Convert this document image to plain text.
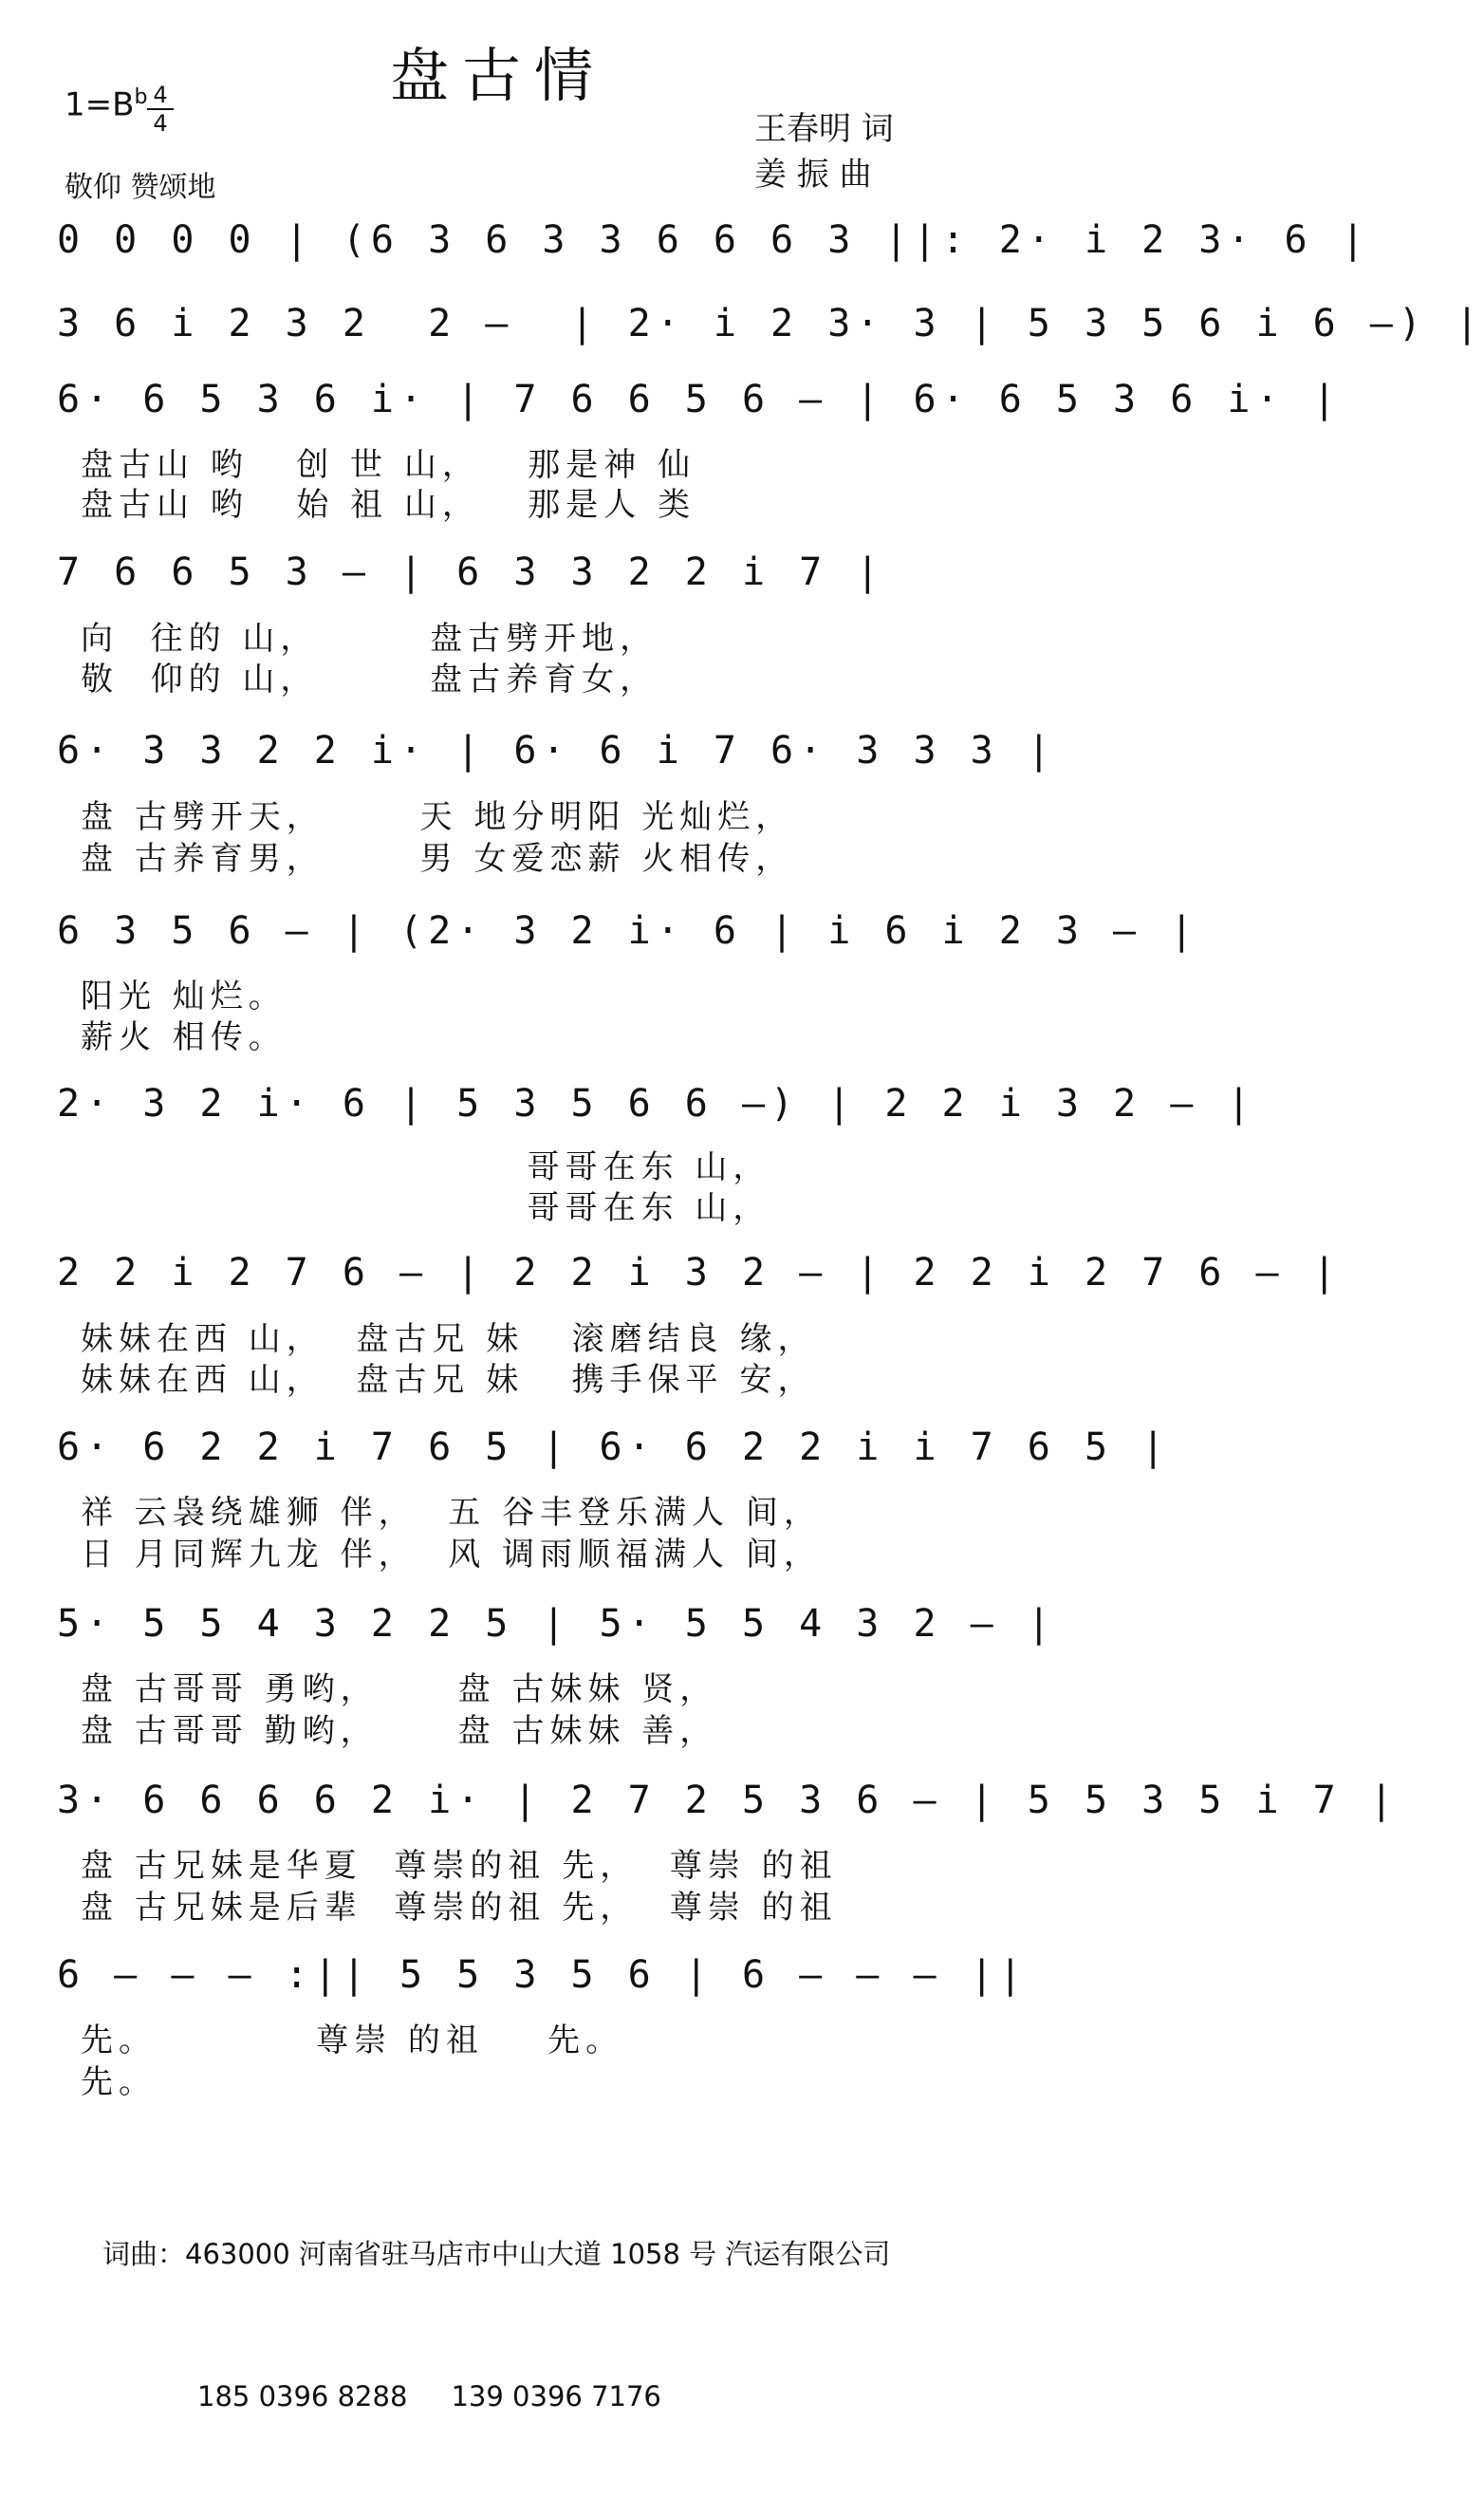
盘古情
$1=B^b$ 4
4
敬仰 赞颂地
王春明 词
姜 振 曲
0 0 0 0 | (6 3 6 3 3 6 6 6 3 ||: 2· i 2 3· 6 |
3 6 i 2 3 2  2 —  | 2· i 2 3· 3 | 5 3 5 6 i 6 —) |
6· 6 5 3 6 i· | 7 6 6 5 6 — | 6· 6 5 3 6 i· |
盘古山 哟   创 世 山，   那是神 仙
盘古山 哟   始 祖 山，   那是人 类
7 6 6 5 3 — | 6 3 3 2 2 i 7 |
向  往的 山，       盘古劈开地，
敬  仰的 山，       盘古养育女，
6· 3 3 2 2 i· | 6· 6 i 7 6· 3 3 3 |
盘 古劈开天，      天 地分明阳 光灿烂，
盘 古养育男，      男 女爱恋薪 火相传，
6 3 5 6 — | (2· 3 2 i· 6 | i 6 i 2 3 — |
阳光 灿烂。
薪火 相传。
2· 3 2 i· 6 | 5 3 5 6 6 —) | 2 2 i 3 2 — |
哥哥在东 山，
哥哥在东 山，
2 2 i 2 7 6 — | 2 2 i 3 2 — | 2 2 i 2 7 6 — |
妹妹在西 山，  盘古兄 妹   滚磨结良 缘，
妹妹在西 山，  盘古兄 妹   携手保平 安，
6· 6 2 2 i 7 6 5 | 6· 6 2 2 i i 7 6 5 |
祥 云袅绕雄狮 伴，  五 谷丰登乐满人 间，
日 月同辉九龙 伴，  风 调雨顺福满人 间，
5· 5 5 4 3 2 2 5 | 5· 5 5 4 3 2 — |
盘 古哥哥 勇哟，     盘 古妹妹 贤，
盘 古哥哥 勤哟，     盘 古妹妹 善，
3· 6 6 6 6 2 i· | 2 7 2 5 3 6 — | 5 5 3 5 i 7 |
盘 古兄妹是华夏  尊崇的祖 先，  尊崇 的祖
盘 古兄妹是后辈  尊崇的祖 先，  尊崇 的祖
6 — — — :|| 5 5 3 5 6 | 6 — — — ||
先。          尊崇 的祖    先。
先。

词曲：463000 河南省驻马店市中山大道 1058 号 汽运有限公司

185 0396 8288     139 0396 7176
